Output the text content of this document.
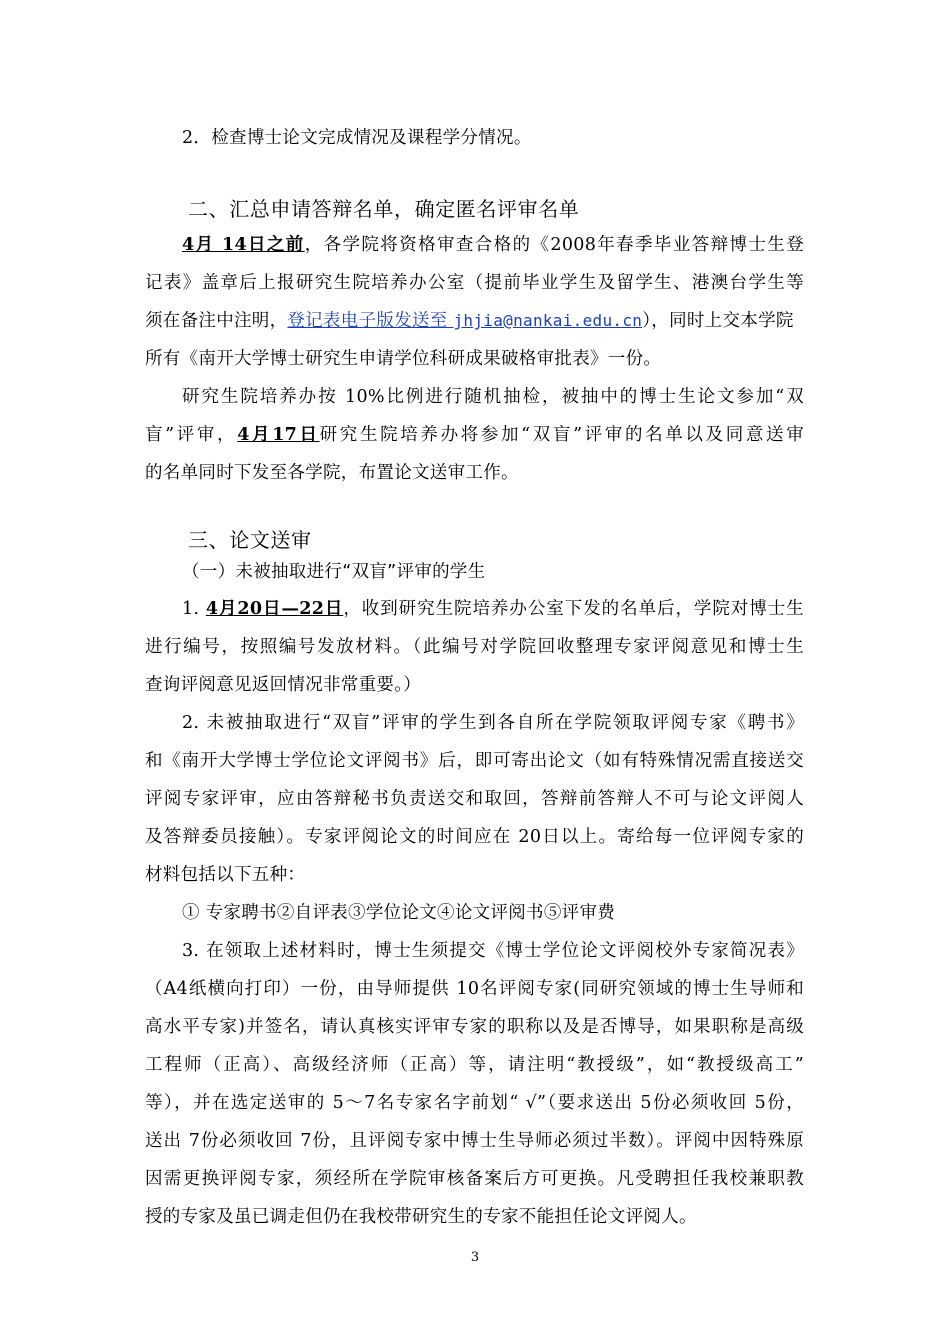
2．检查博士论文完成情况及课程学分情况。
二、汇总申请答辩名单，确定匿名评审名单
4月 14日之前，各学院将资格审查合格的《2008年春季毕业答辩博士生登
记表》盖章后上报研究生院培养办公室（提前毕业学生及留学生、港澳台学生等
须在备注中注明，登记表电子版发送至 jhjia@nankai.edu.cn），同时上交本学院
所有《南开大学博士研究生申请学位科研成果破格审批表》一份。
研究生院培养办按 10%比例进行随机抽检，被抽中的博士生论文参加“双
盲”评审，4月17日研究生院培养办将参加“双盲”评审的名单以及同意送审
的名单同时下发至各学院，布置论文送审工作。
三、论文送审
（一）未被抽取进行“双盲”评审的学生
1. 4月20日—22日，收到研究生院培养办公室下发的名单后，学院对博士生
进行编号，按照编号发放材料。（此编号对学院回收整理专家评阅意见和博士生
查询评阅意见返回情况非常重要。）
2. 未被抽取进行“双盲”评审的学生到各自所在学院领取评阅专家《聘书》
和《南开大学博士学位论文评阅书》后，即可寄出论文（如有特殊情况需直接送交
评阅专家评审，应由答辩秘书负责送交和取回，答辩前答辩人不可与论文评阅人
及答辩委员接触）。专家评阅论文的时间应在 20日以上。寄给每一位评阅专家的
材料包括以下五种：
① 专家聘书②自评表③学位论文④论文评阅书⑤评审费
3. 在领取上述材料时，博士生须提交《博士学位论文评阅校外专家简况表》
（A4纸横向打印）一份，由导师提供 10名评阅专家(同研究领域的博士生导师和
高水平专家)并签名，请认真核实评审专家的职称以及是否博导，如果职称是高级
工程师（正高）、高级经济师（正高）等，请注明“教授级”，如“教授级高工”
等），并在选定送审的 5～7名专家名字前划“ √”（要求送出 5份必须收回 5份，
送出 7份必须收回 7份，且评阅专家中博士生导师必须过半数）。评阅中因特殊原
因需更换评阅专家，须经所在学院审核备案后方可更换。凡受聘担任我校兼职教
授的专家及虽已调走但仍在我校带研究生的专家不能担任论文评阅人。
3
